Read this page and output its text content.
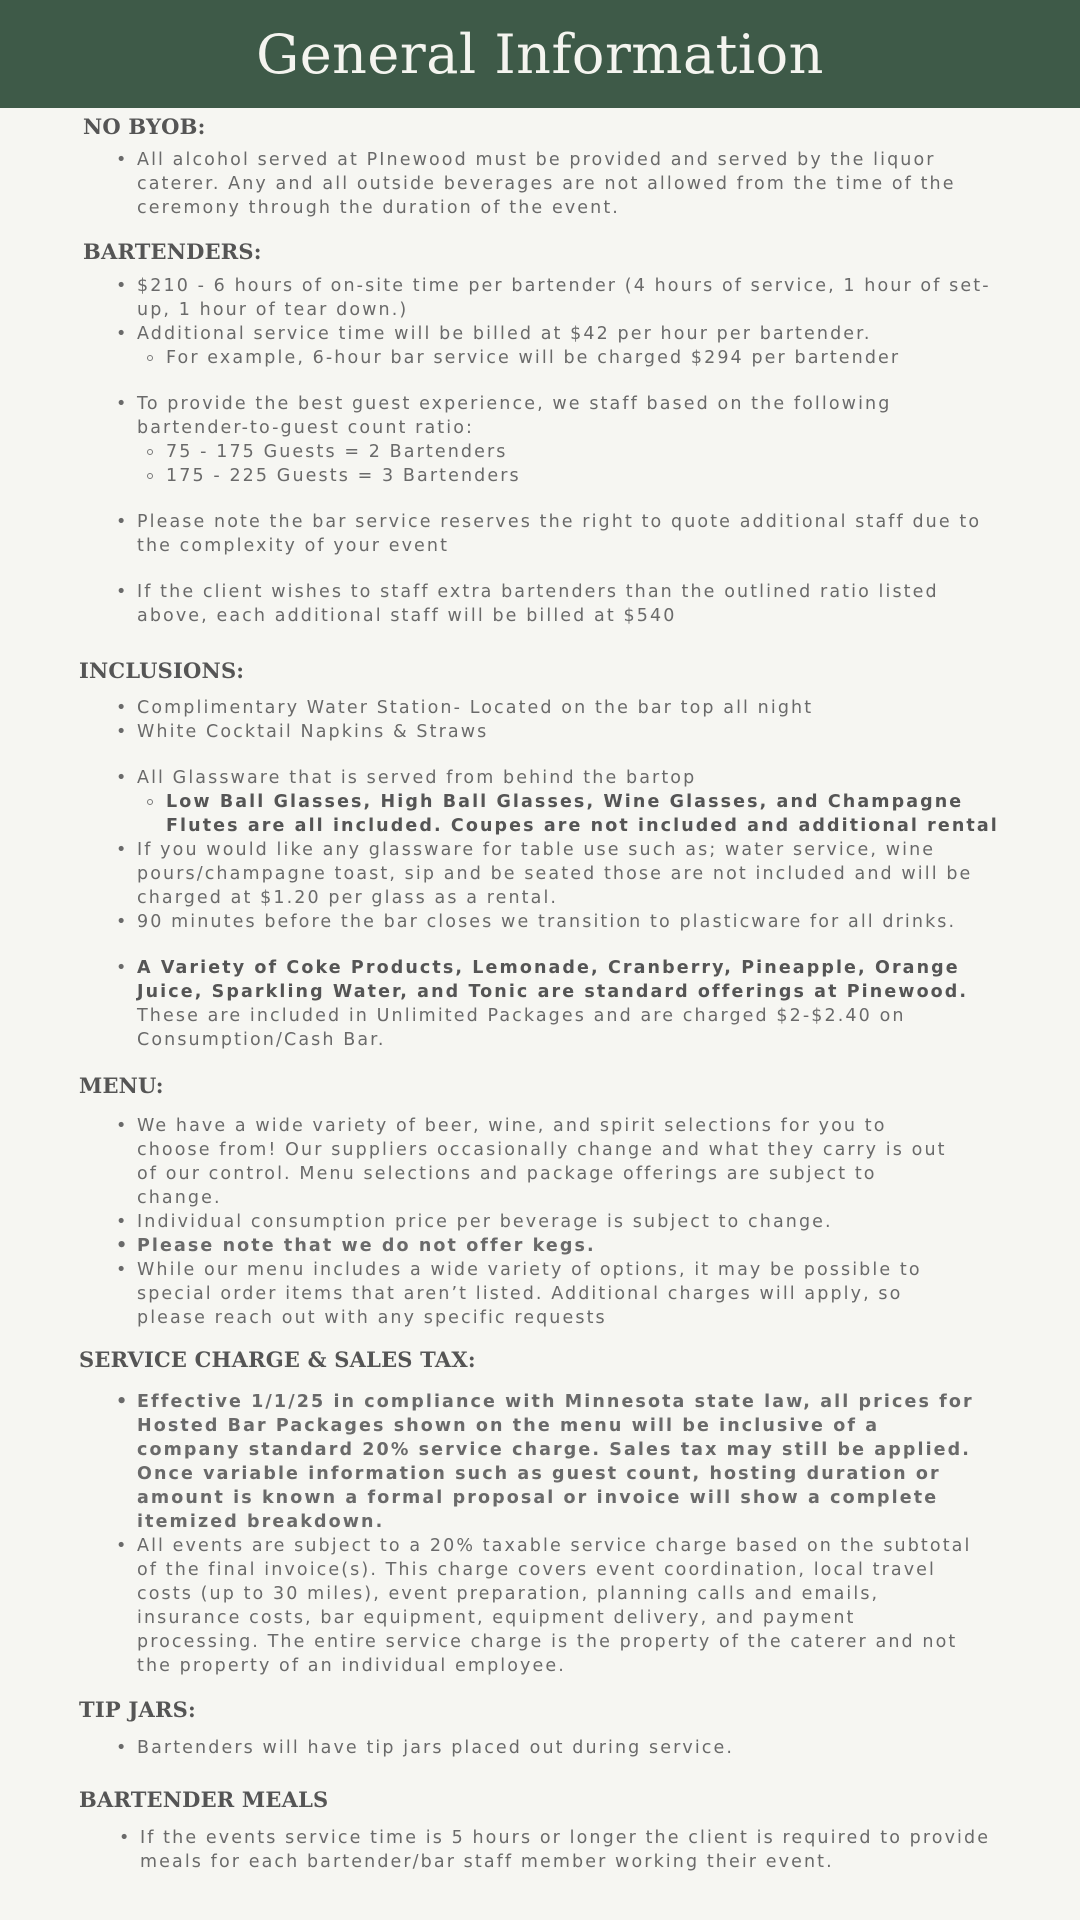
General Information
NO BYOB:
• All alcohol served at PInewood must be provided and served by the liquor caterer. Any and all outside beverages are not allowed from the time of the ceremony through the duration of the event.
BARTENDERS:
• $210 - 6 hours of on-site time per bartender (4 hours of service, 1 hour of set-up, 1 hour of tear down.)
• Additional service time will be billed at $42 per hour per bartender.
For example, 6-hour bar service will be charged $294 per bartender
• To provide the best guest experience, we staff based on the following bartender-to-guest count ratio:
75 - 175 Guests = 2 Bartenders
175 - 225 Guests = 3 Bartenders
• Please note the bar service reserves the right to quote additional staff due to the complexity of your event
• If the client wishes to staff extra bartenders than the outlined ratio listed above, each additional staff will be billed at $540
INCLUSIONS:
• Complimentary Water Station- Located on the bar top all night
• White Cocktail Napkins & Straws
• All Glassware that is served from behind the bartop
Low Ball Glasses, High Ball Glasses, Wine Glasses, and Champagne Flutes are all included. Coupes are not included and additional rental
• If you would like any glassware for table use such as; water service, wine pours/champagne toast, sip and be seated those are not included and will be charged at $1.20 per glass as a rental.
• 90 minutes before the bar closes we transition to plasticware for all drinks.
• A Variety of Coke Products, Lemonade, Cranberry, Pineapple, Orange Juice, Sparkling Water, and Tonic are standard offerings at Pinewood.
These are included in Unlimited Packages and are charged $2-$2.40 on Consumption/Cash Bar.
MENU:
• We have a wide variety of beer, wine, and spirit selections for you to choose from! Our suppliers occasionally change and what they carry is out of our control. Menu selections and package offerings are subject to change.
• Individual consumption price per beverage is subject to change.
• Please note that we do not offer kegs.
• While our menu includes a wide variety of options, it may be possible to special order items that aren’t listed. Additional charges will apply, so please reach out with any specific requests
SERVICE CHARGE & SALES TAX:
• Effective 1/1/25 in compliance with Minnesota state law, all prices for Hosted Bar Packages shown on the menu will be inclusive of a company standard 20% service charge. Sales tax may still be applied. Once variable information such as guest count, hosting duration or amount is known a formal proposal or invoice will show a complete itemized breakdown.
• All events are subject to a 20% taxable service charge based on the subtotal of the final invoice(s). This charge covers event coordination, local travel costs (up to 30 miles), event preparation, planning calls and emails, insurance costs, bar equipment, equipment delivery, and payment processing. The entire service charge is the property of the caterer and not the property of an individual employee.
TIP JARS:
• Bartenders will have tip jars placed out during service.
BARTENDER MEALS
• If the events service time is 5 hours or longer the client is required to provide meals for each bartender/bar staff member working their event.
